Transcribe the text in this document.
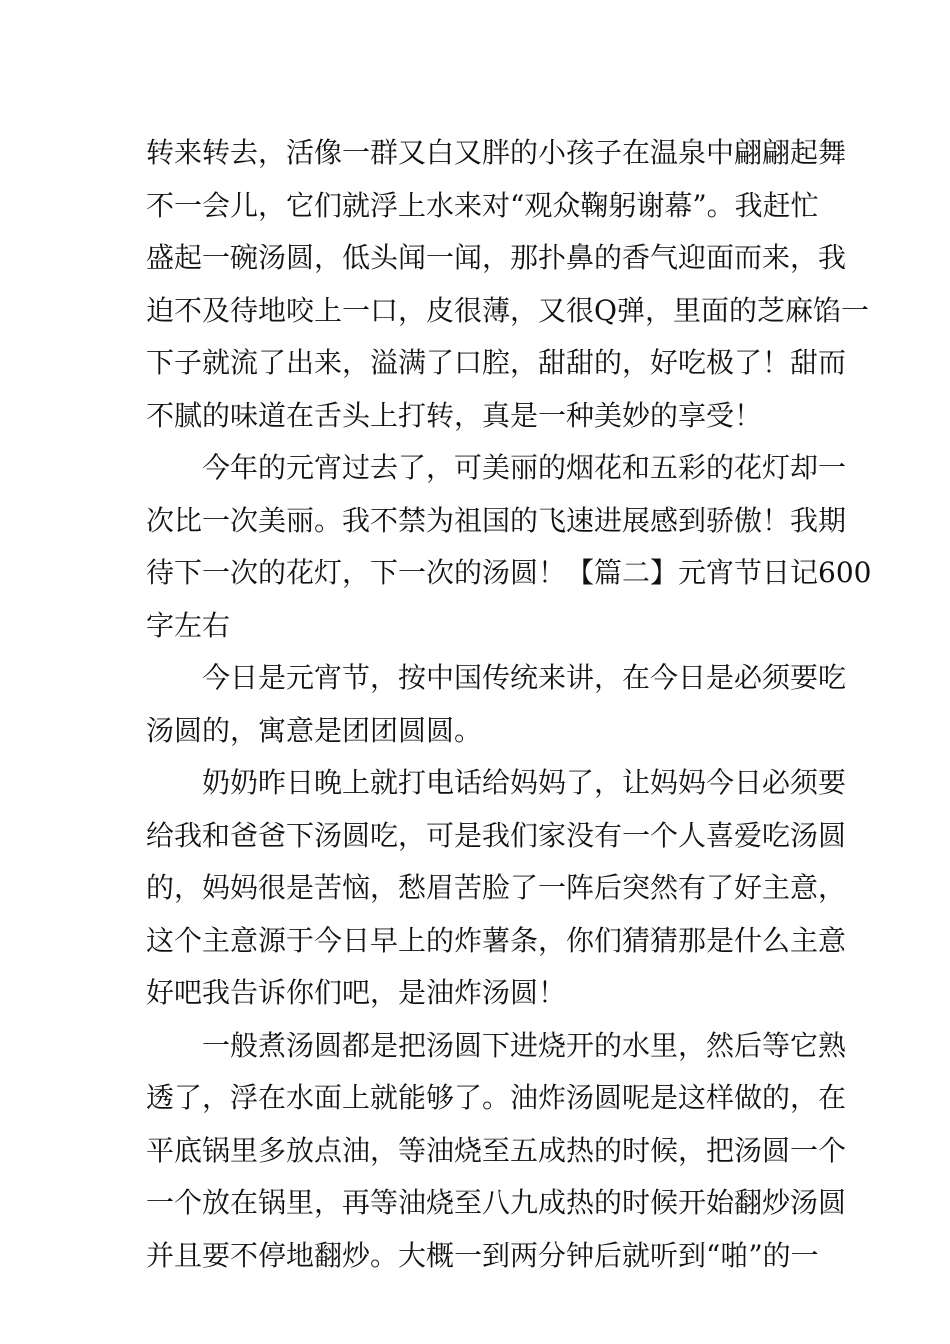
转来转去，活像一群又白又胖的小孩子在温泉中翩翩起舞
不一会儿，它们就浮上水来对“观众鞠躬谢幕”。我赶忙
盛起一碗汤圆，低头闻一闻，那扑鼻的香气迎面而来，我
迫不及待地咬上一口，皮很薄，又很Q弹，里面的芝麻馅一
下子就流了出来，溢满了口腔，甜甜的，好吃极了！甜而
不腻的味道在舌头上打转，真是一种美妙的享受！
今年的元宵过去了，可美丽的烟花和五彩的花灯却一
次比一次美丽。我不禁为祖国的飞速进展感到骄傲！我期
待下一次的花灯，下一次的汤圆！【篇二】元宵节日记600
字左右
今日是元宵节，按中国传统来讲，在今日是必须要吃
汤圆的，寓意是团团圆圆。
奶奶昨日晚上就打电话给妈妈了，让妈妈今日必须要
给我和爸爸下汤圆吃，可是我们家没有一个人喜爱吃汤圆
的，妈妈很是苦恼，愁眉苦脸了一阵后突然有了好主意，
这个主意源于今日早上的炸薯条，你们猜猜那是什么主意
好吧我告诉你们吧，是油炸汤圆！
一般煮汤圆都是把汤圆下进烧开的水里，然后等它熟
透了，浮在水面上就能够了。油炸汤圆呢是这样做的，在
平底锅里多放点油，等油烧至五成热的时候，把汤圆一个
一个放在锅里，再等油烧至八九成热的时候开始翻炒汤圆
并且要不停地翻炒。大概一到两分钟后就听到“啪”的一
